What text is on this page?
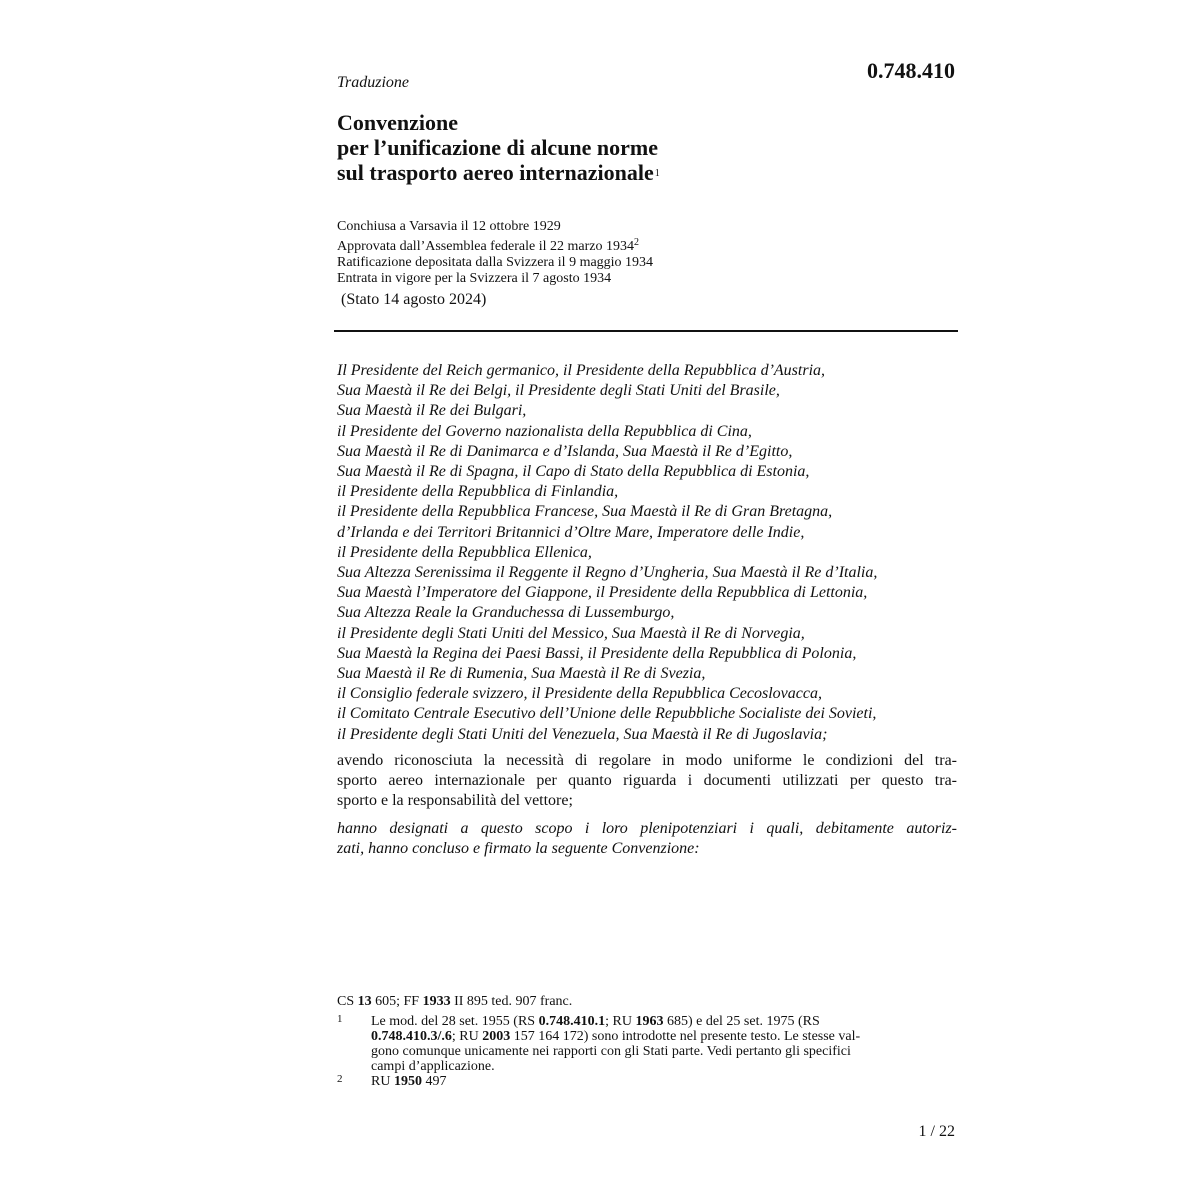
0.748.410
Traduzione
Convenzione
per l’unificazione di alcune norme
sul trasporto aereo internazionale$^1$
Conchiusa a Varsavia il 12 ottobre 1929
Approvata dall’Assemblea federale il 22 marzo 1934$^2$
Ratificazione depositata dalla Svizzera il 9 maggio 1934
Entrata in vigore per la Svizzera il 7 agosto 1934
(Stato 14 agosto 2024)
Il Presidente del Reich germanico, il Presidente della Repubblica d’Austria,
Sua Maestà il Re dei Belgi, il Presidente degli Stati Uniti del Brasile,
Sua Maestà il Re dei Bulgari,
il Presidente del Governo nazionalista della Repubblica di Cina,
Sua Maestà il Re di Danimarca e d’Islanda, Sua Maestà il Re d’Egitto,
Sua Maestà il Re di Spagna, il Capo di Stato della Repubblica di Estonia,
il Presidente della Repubblica di Finlandia,
il Presidente della Repubblica Francese, Sua Maestà il Re di Gran Bretagna,
d’Irlanda e dei Territori Britannici d’Oltre Mare, Imperatore delle Indie,
il Presidente della Repubblica Ellenica,
Sua Altezza Serenissima il Reggente il Regno d’Ungheria, Sua Maestà il Re d’Italia,
Sua Maestà l’Imperatore del Giappone, il Presidente della Repubblica di Lettonia,
Sua Altezza Reale la Granduchessa di Lussemburgo,
il Presidente degli Stati Uniti del Messico, Sua Maestà il Re di Norvegia,
Sua Maestà la Regina dei Paesi Bassi, il Presidente della Repubblica di Polonia,
Sua Maestà il Re di Rumenia, Sua Maestà il Re di Svezia,
il Consiglio federale svizzero, il Presidente della Repubblica Cecoslovacca,
il Comitato Centrale Esecutivo dell’Unione delle Repubbliche Socialiste dei Sovieti,
il Presidente degli Stati Uniti del Venezuela, Sua Maestà il Re di Jugoslavia;
avendo riconosciuta la necessità di regolare in modo uniforme le condizioni del tra-
sporto aereo internazionale per quanto riguarda i documenti utilizzati per questo tra-
sporto e la responsabilità del vettore;
hanno designati a questo scopo i loro plenipotenziari i quali, debitamente autoriz-
zati, hanno concluso e firmato la seguente Convenzione:
CS 13 605; FF 1933 II 895 ted. 907 franc.
1 Le mod. del 28 set. 1955 (RS 0.748.410.1; RU 1963 685) e del 25 set. 1975 (RS
0.748.410.3/.6; RU 2003 157 164 172) sono introdotte nel presente testo. Le stesse val-
gono comunque unicamente nei rapporti con gli Stati parte. Vedi pertanto gli specifici
campi d’applicazione.
2 RU 1950 497
1 / 22
